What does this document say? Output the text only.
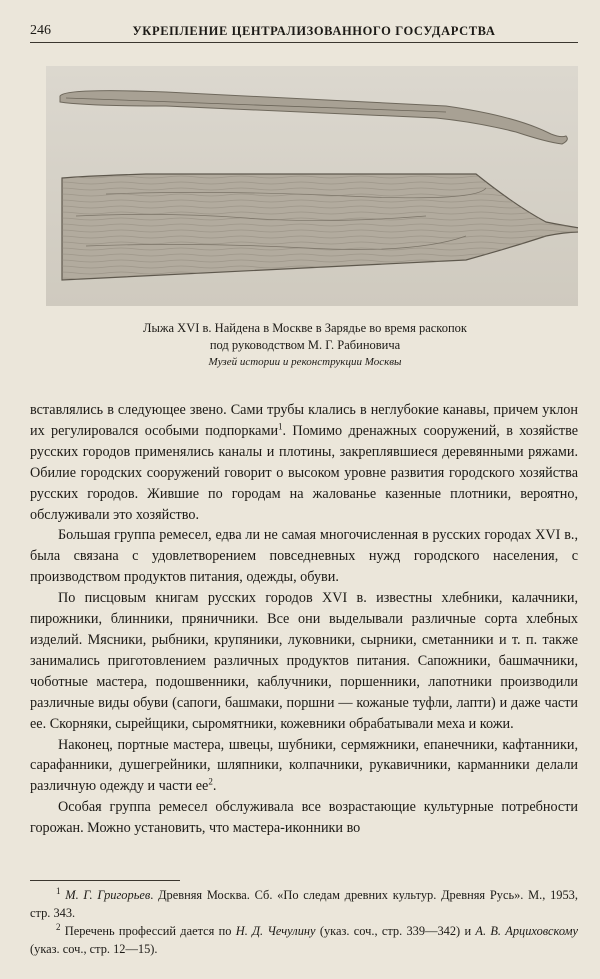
246	УКРЕПЛЕНИЕ ЦЕНТРАЛИЗОВАННОГО ГОСУДАРСТВА
Лыжа XVI в. Найдена в Москве в Зарядье во время раскопок
под руководством М. Г. Рабиновича
Музей истории и реконструкции Москвы

вставлялись в следующее звено. Сами трубы клались в неглубокие канавы, причем уклон их регулировался особыми подпорками$^1$. Помимо дренажных сооружений, в хозяйстве русских городов применялись каналы и плотины, закреплявшиеся деревянными ряжами. Обилие городских сооружений говорит о высоком уровне развития городского хозяйства русских городов. Жившие по городам на жалованье казенные плотники, вероятно, обслуживали это хозяйство.

Большая группа ремесел, едва ли не самая многочисленная в русских городах XVI в., была связана с удовлетворением повседневных нужд городского населения, с производством продуктов питания, одежды, обуви.

По писцовым книгам русских городов XVI в. известны хлебники, калачники, пирожники, блинники, пряничники. Все они выделывали различные сорта хлебных изделий. Мясники, рыбники, крупяники, луковники, сырники, сметанники и т. п. также занимались приготовлением различных продуктов питания. Сапожники, башмачники, чоботные мастера, подошвенники, каблучники, поршенники, лапотники производили различные виды обуви (сапоги, башмаки, поршни — кожаные туфли, лапти) и даже части ее. Скорняки, сырейщики, сыромятники, кожевники обрабатывали меха и кожи.

Наконец, портные мастера, швецы, шубники, сермяжники, епанечники, кафтанники, сарафанники, душегрейники, шляпники, колпачники, рукавичники, карманники делали различную одежду и части $ее^2$.

Особая группа ремесел обслуживала все возрастающие культурные потребности горожан. Можно установить, что мастера-иконники во

$^1$ М. Г. Григорьев. Древняя Москва. Сб. «По следам древних культур. Древняя Русь». М., 1953, стр. 343.

$^2$ Перечень профессий дается по Н. Д. Чечулину (указ. соч., стр. 339—342) и А. В. Арциховскому (указ. соч., стр. 12—15).
